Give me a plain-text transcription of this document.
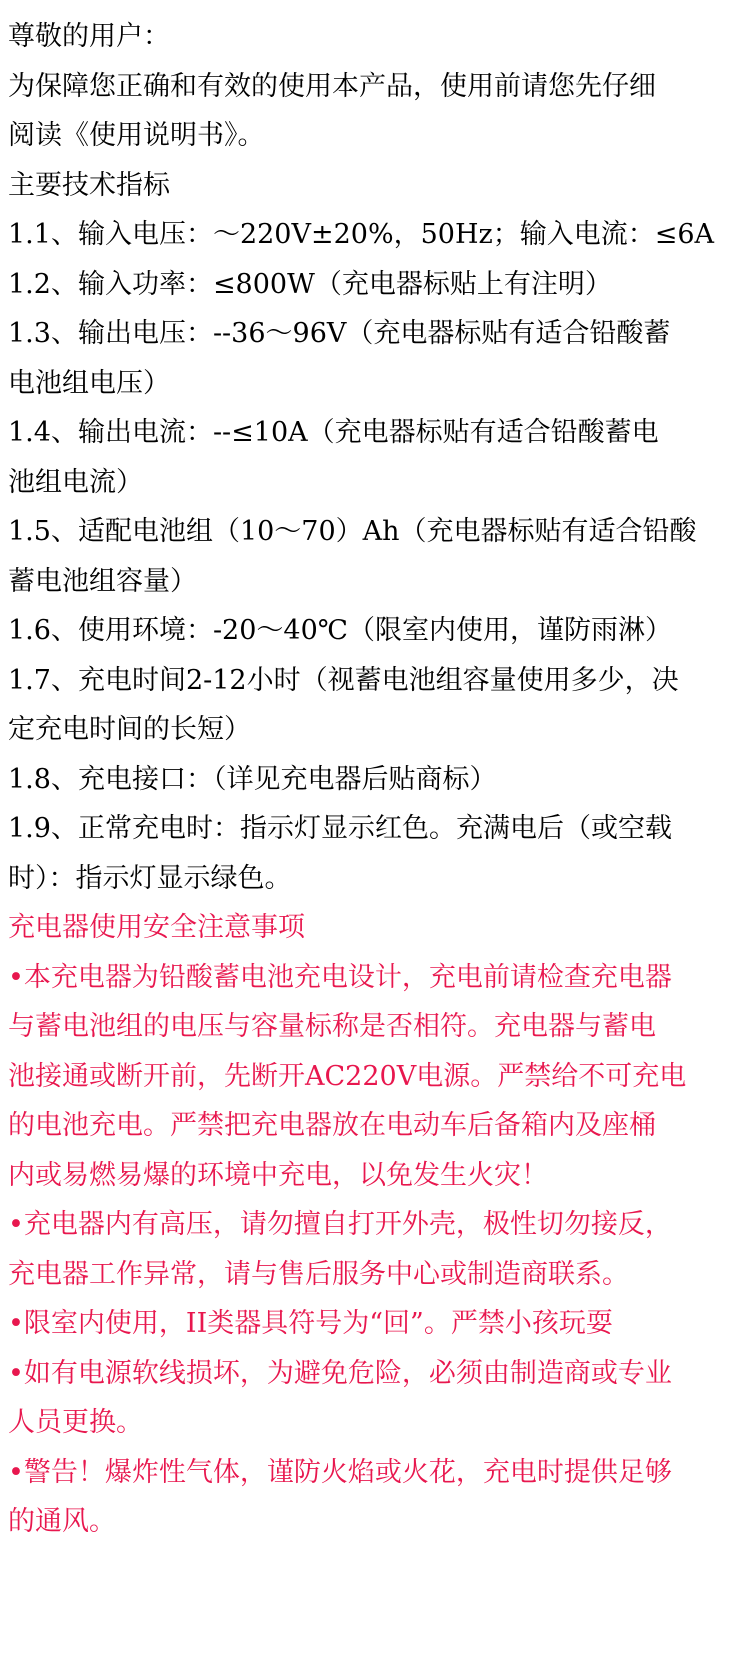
尊敬的用户：
为保障您正确和有效的使用本产品，使用前请您先仔细
阅读《使用说明书》。
主要技术指标
1.1、输入电压：～220V±20%，50Hz；输入电流：≤6A
1.2、输入功率：≤800W（充电器标贴上有注明）
1.3、输出电压：--36～96V（充电器标贴有适合铅酸蓄
电池组电压）
1.4、输出电流：--≤10A（充电器标贴有适合铅酸蓄电
池组电流）
1.5、适配电池组（10～70）Ah（充电器标贴有适合铅酸
蓄电池组容量）
1.6、使用环境：-20～40℃（限室内使用，谨防雨淋）
1.7、充电时间2-12小时（视蓄电池组容量使用多少，决
定充电时间的长短）
1.8、充电接口：（详见充电器后贴商标）
1.9、正常充电时：指示灯显示红色。充满电后（或空载
时）：指示灯显示绿色。
充电器使用安全注意事项
•本充电器为铅酸蓄电池充电设计，充电前请检查充电器
与蓄电池组的电压与容量标称是否相符。充电器与蓄电
池接通或断开前，先断开AC220V电源。严禁给不可充电
的电池充电。严禁把充电器放在电动车后备箱内及座桶
内或易燃易爆的环境中充电，以免发生火灾！
•充电器内有高压，请勿擅自打开外壳，极性切勿接反，
充电器工作异常，请与售后服务中心或制造商联系。
•限室内使用，II类器具符号为“回”。严禁小孩玩耍
•如有电源软线损坏，为避免危险，必须由制造商或专业
人员更换。
•警告！爆炸性气体，谨防火焰或火花，充电时提供足够
的通风。
